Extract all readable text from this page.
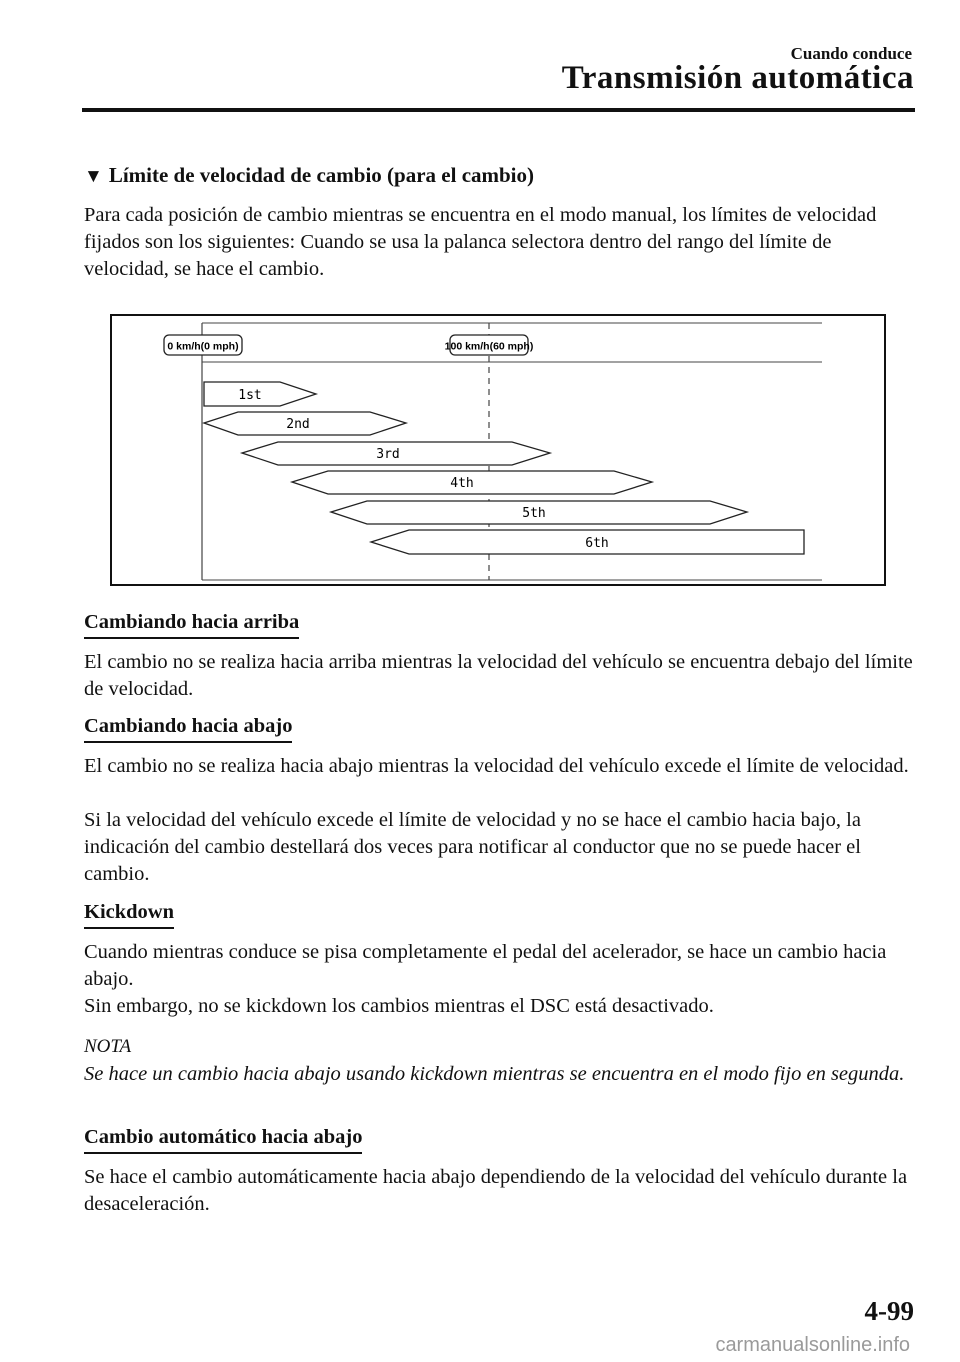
Cuando conduce
Transmisión automática
▼ Límite de velocidad de cambio (para el cambio)
Para cada posición de cambio mientras se encuentra en el modo manual, los límites de velocidad fijados son los siguientes: Cuando se usa la palanca selectora dentro del rango del límite de velocidad, se hace el cambio.
0 km/h(0 mph)	100 km/h(60 mph)
1st
2nd
3rd
4th
5th
6th
Cambiando hacia arriba
El cambio no se realiza hacia arriba mientras la velocidad del vehículo se encuentra debajo del límite de velocidad.
Cambiando hacia abajo
El cambio no se realiza hacia abajo mientras la velocidad del vehículo excede el límite de velocidad.
Si la velocidad del vehículo excede el límite de velocidad y no se hace el cambio hacia bajo, la indicación del cambio destellará dos veces para notificar al conductor que no se puede hacer el cambio.
Kickdown
Cuando mientras conduce se pisa completamente el pedal del acelerador, se hace un cambio hacia abajo.
Sin embargo, no se kickdown los cambios mientras el DSC está desactivado.
NOTA
Se hace un cambio hacia abajo usando kickdown mientras se encuentra en el modo fijo en segunda.
Cambio automático hacia abajo
Se hace el cambio automáticamente hacia abajo dependiendo de la velocidad del vehículo durante la desaceleración.
4-99
carmanualsonline.info
